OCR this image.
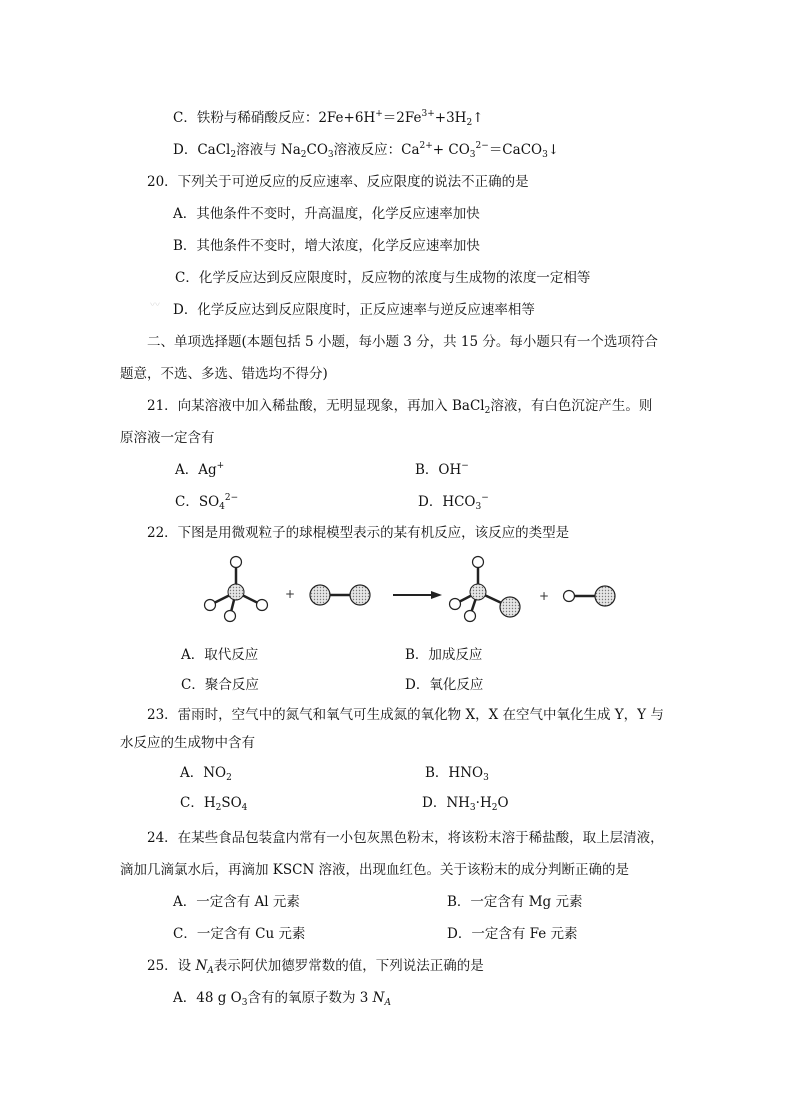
C．铁粉与稀硝酸反应：$2Fe+6H^+=2Fe^{3+}+3H_2↑$
D．CaCl$_2$溶液与 $Na_2CO_3$溶液反应：$Ca^{2+}+$ $CO_3^{2-}=CaCO_3↓$
20．下列关于可逆反应的反应速率、反应限度的说法不正确的是
A．其他条件不变时，升高温度，化学反应速率加快
B．其他条件不变时，增大浓度，化学反应速率加快
C．化学反应达到反应限度时，反应物的浓度与生成物的浓度一定相等
〰 D．化学反应达到反应限度时，正反应速率与逆反应速率相等
二、单项选择题(本题包括 5 小题，每小题 3 分，共 15 分。每小题只有一个选项符合
题意，不选、多选、错选均不得分)
21．向某溶液中加入稀盐酸，无明显现象，再加入 BaCl$_2$溶液，有白色沉淀产生。则
原溶液一定含有
A．Ag+	B．OH−
C．$SO_4^{2-}$	D．$HCO_3^-$
22．下图是用微观粒子的球棍模型表示的某有机反应，该反应的类型是
+	+
A．取代反应	B．加成反应
C．聚合反应	D．氧化反应
23．雷雨时，空气中的氮气和氧气可生成氮的氧化物 X，X 在空气中氧化生成 Y，Y 与
水反应的生成物中含有
A．$NO_2$	B．$HNO_3$
C．$H_2SO_4$	D．$NH_3\cdot H_2O$
24．在某些食品包装盒内常有一小包灰黑色粉末，将该粉末溶于稀盐酸，取上层清液，
滴加几滴氯水后，再滴加 KSCN 溶液，出现血红色。关于该粉末的成分判断正确的是
A．一定含有 Al 元素	B．一定含有 Mg 元素
C．一定含有 Cu 元素	D．一定含有 Fe 元素
25．设 $N_A$表示阿伏加德罗常数的值，下列说法正确的是
A．48 g $O_3$含有的氧原子数为 3 $N_A$
